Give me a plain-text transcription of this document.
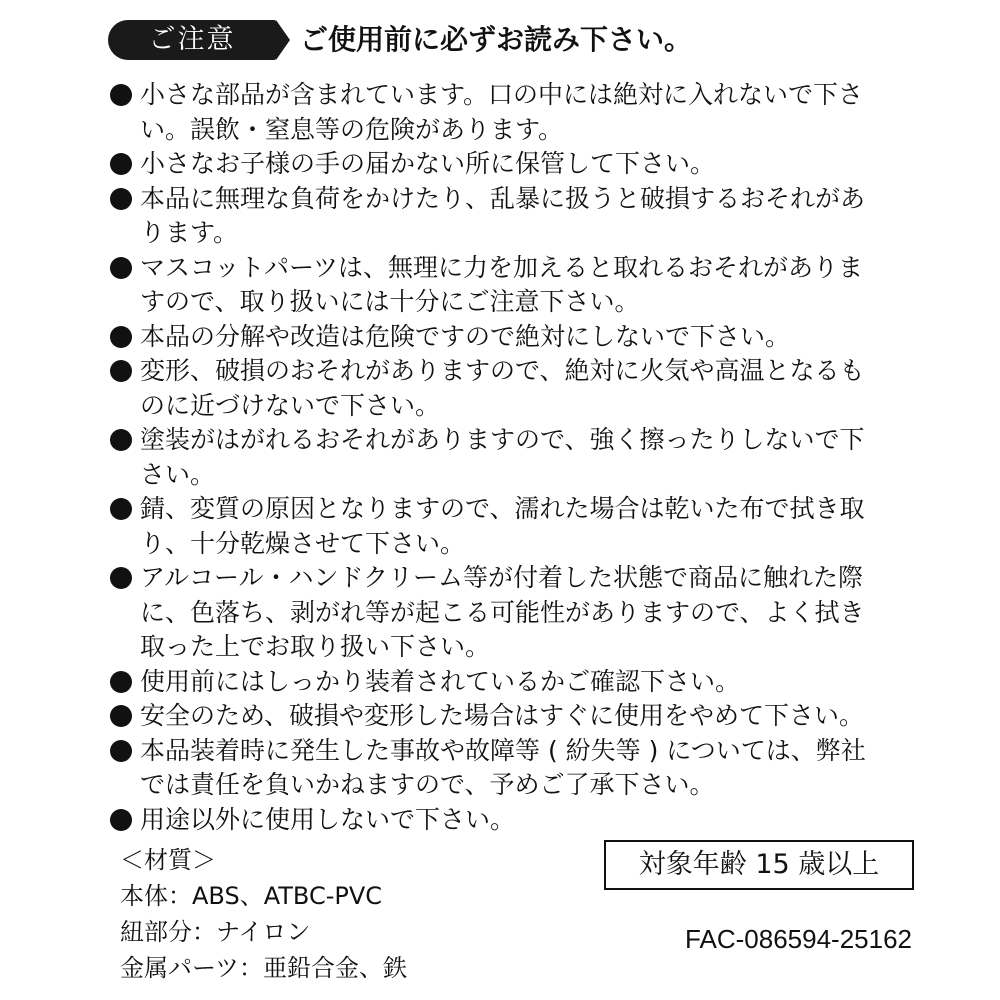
ご注意	ご使用前に必ずお読み下さい。
小さな部品が含まれています。口の中には絶対に入れないで下さ
い。誤飲・窒息等の危険があります。
小さなお子様の手の届かない所に保管して下さい。
本品に無理な負荷をかけたり、乱暴に扱うと破損するおそれがあ
ります。
マスコットパーツは、無理に力を加えると取れるおそれがありま
すので、取り扱いには十分にご注意下さい。
本品の分解や改造は危険ですので絶対にしないで下さい。
変形、破損のおそれがありますので、絶対に火気や高温となるも
のに近づけないで下さい。
塗装がはがれるおそれがありますので、強く擦ったりしないで下
さい。
錆、変質の原因となりますので、濡れた場合は乾いた布で拭き取
り、十分乾燥させて下さい。
アルコール・ハンドクリーム等が付着した状態で商品に触れた際
に、色落ち、剥がれ等が起こる可能性がありますので、よく拭き
取った上でお取り扱い下さい。
使用前にはしっかり装着されているかご確認下さい。
安全のため、破損や変形した場合はすぐに使用をやめて下さい。
本品装着時に発生した事故や故障等 ( 紛失等 ) については、弊社
では責任を負いかねますので、予めご了承下さい。
用途以外に使用しないで下さい。
＜材質＞
本体：ABS、ATBC-PVC
紐部分：ナイロン
金属パーツ：亜鉛合金、鉄
対象年齢 15 歳以上
FAC-086594-25162
